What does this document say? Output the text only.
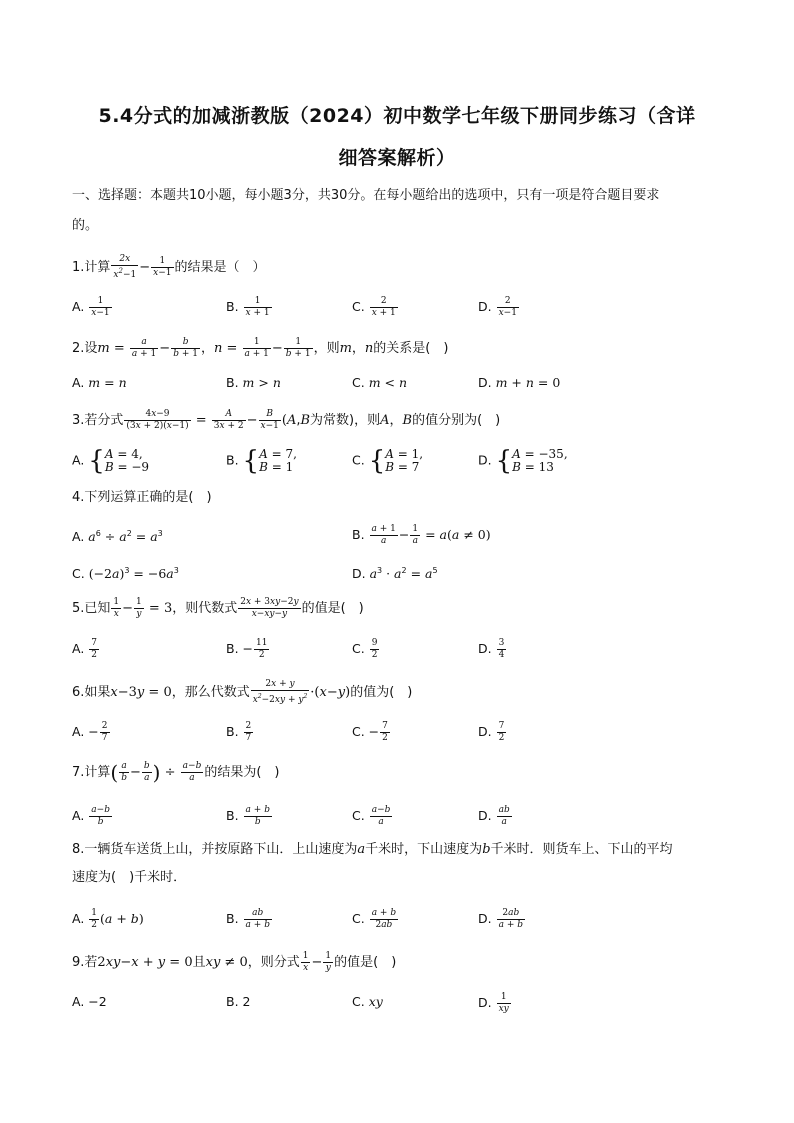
5.4分式的加减浙教版（2024）初中数学七年级下册同步练习（含详
细答案解析）
一、选择题：本题共10小题，每小题3分，共30分。在每小题给出的选项中，只有一项是符合题目要求
的。
1.计算 $\frac{2x}{x^2-1} - \frac{1}{x-1}$ 的结果是（　）
A. $\frac{1}{x-1}$	B. $\frac{1}{x + 1}$	C. $\frac{2}{x + 1}$	D. $\frac{2}{x-1}$
2.设$m = \frac{a}{a + 1} - \frac{b}{b + 1}$ ，$n = \frac{1}{a + 1} - \frac{1}{b + 1}$ ，则m，n的关系是(　)
A. m = n	B. m > n	C. m < n	D. m + n = 0
3.若分式 $\frac{4x-9}{(3x + 2)(x-1)} = \frac{A}{3x + 2} - \frac{B}{x-1} (A,B$为常数)，则A，B的值分别为(　)
A. {A = 4,
B = −9	B. {A = 7,
B = 1	C. {A = 1,
B = 7	D. {A = −35,
B = 13
4.下列运算正确的是(　)
A. $a^6 \div a^2 = a^3$	B. $\frac{a + 1}{a} - \frac{1}{a} = a(a \ne 0)$
C. $(-2a)^3 = -6a^3$	D. $a^3 \cdot a^2 = a^5$
5.已知 $\frac{1}{x} - \frac{1}{y} = 3$，则代数式 $\frac{2x + 3xy-2y}{x-xy-y}$ 的值是(　)
A. $\frac{7}{2}$	B. − $\frac{11}{2}$	C. $\frac{9}{2}$	D. $\frac{3}{4}$
6.如果x−3y = 0，那么代数式 $\frac{2x + y}{x^2-2xy + y^2} \cdot(x-y)$的值为(　)
A. − $\frac{2}{7}$	B. $\frac{2}{7}$	C. − $\frac{7}{2}$	D. $\frac{7}{2}$
7.计算( $\frac{a}{b} - \frac{b}{a}$ ) ÷ $\frac{a-b}{a}$ 的结果为(　)
A. $\frac{a-b}{b}$	B. $\frac{a + b}{b}$	C. $\frac{a-b}{a}$	D. $\frac{ab}{a}$
8.一辆货车送货上山，并按原路下山．上山速度为a千米时，下山速度为b千米时．则货车上、下山的平均
速度为(　)千米时．
A. $\frac{1}{2} (a + b)$	B. $\frac{ab}{a + b}$	C. $\frac{a + b}{2ab}$	D. $\frac{2ab}{a + b}$
9.若2xy−x + y = 0且xy ≠ 0，则分式 $\frac{1}{x} - \frac{1}{y}$ 的值是(　)
A. −2	B. 2	C. xy	D. $\frac{1}{xy}$
